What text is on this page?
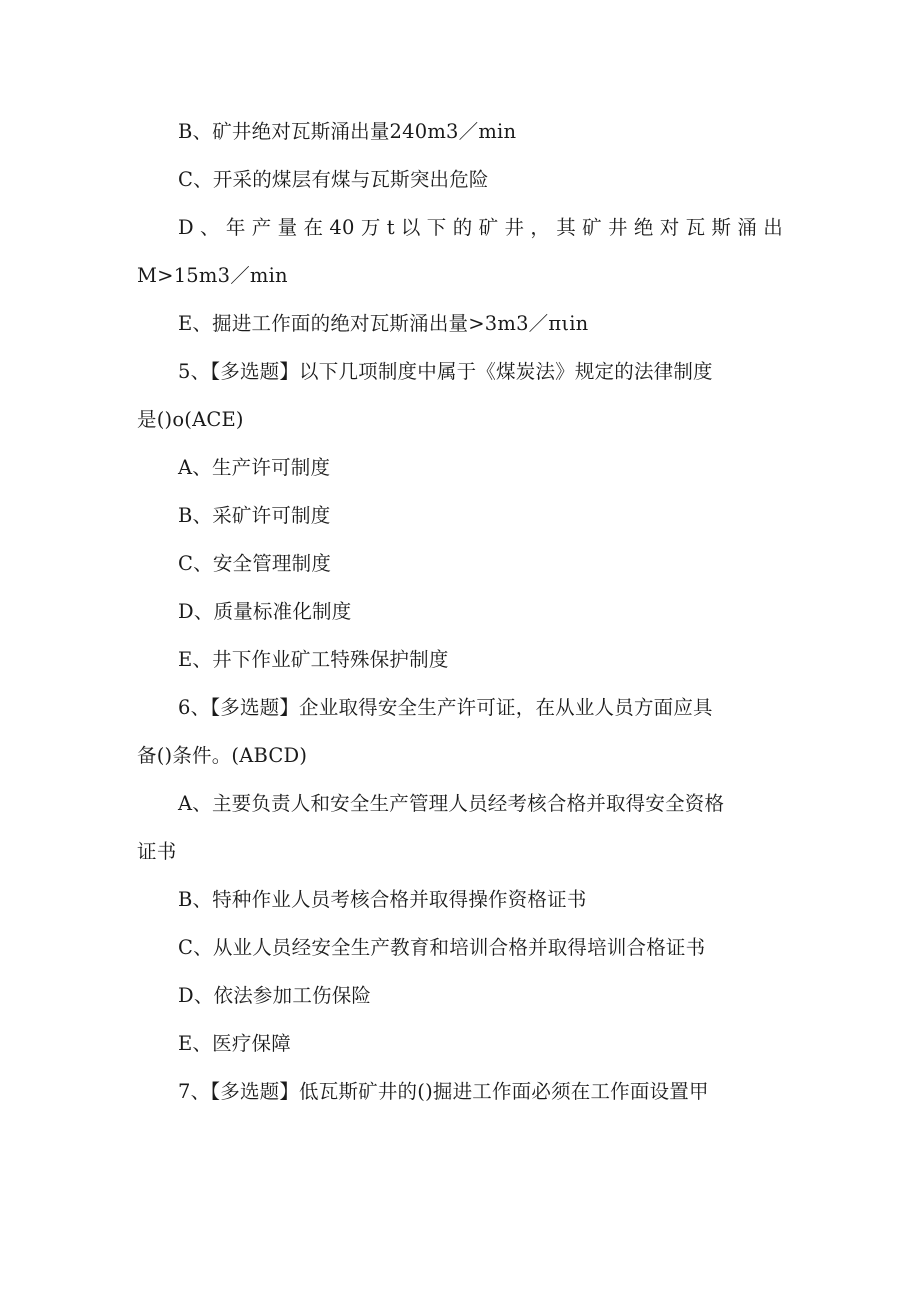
B、矿井绝对瓦斯涌出量240m3／min
C、开采的煤层有煤与瓦斯突出危险
D、年产量在40万t以下的矿井，其矿井绝对瓦斯涌出
M>15m3／min
E、掘进工作面的绝对瓦斯涌出量>3m3／πιin
5、【多选题】以下几项制度中属于《煤炭法》规定的法律制度
是()o(ACE)
A、生产许可制度
B、采矿许可制度
C、安全管理制度
D、质量标准化制度
E、井下作业矿工特殊保护制度
6、【多选题】企业取得安全生产许可证，在从业人员方面应具
备()条件。(ABCD)
A、主要负责人和安全生产管理人员经考核合格并取得安全资格
证书
B、特种作业人员考核合格并取得操作资格证书
C、从业人员经安全生产教育和培训合格并取得培训合格证书
D、依法参加工伤保险
E、医疗保障
7、【多选题】低瓦斯矿井的()掘进工作面必须在工作面设置甲
